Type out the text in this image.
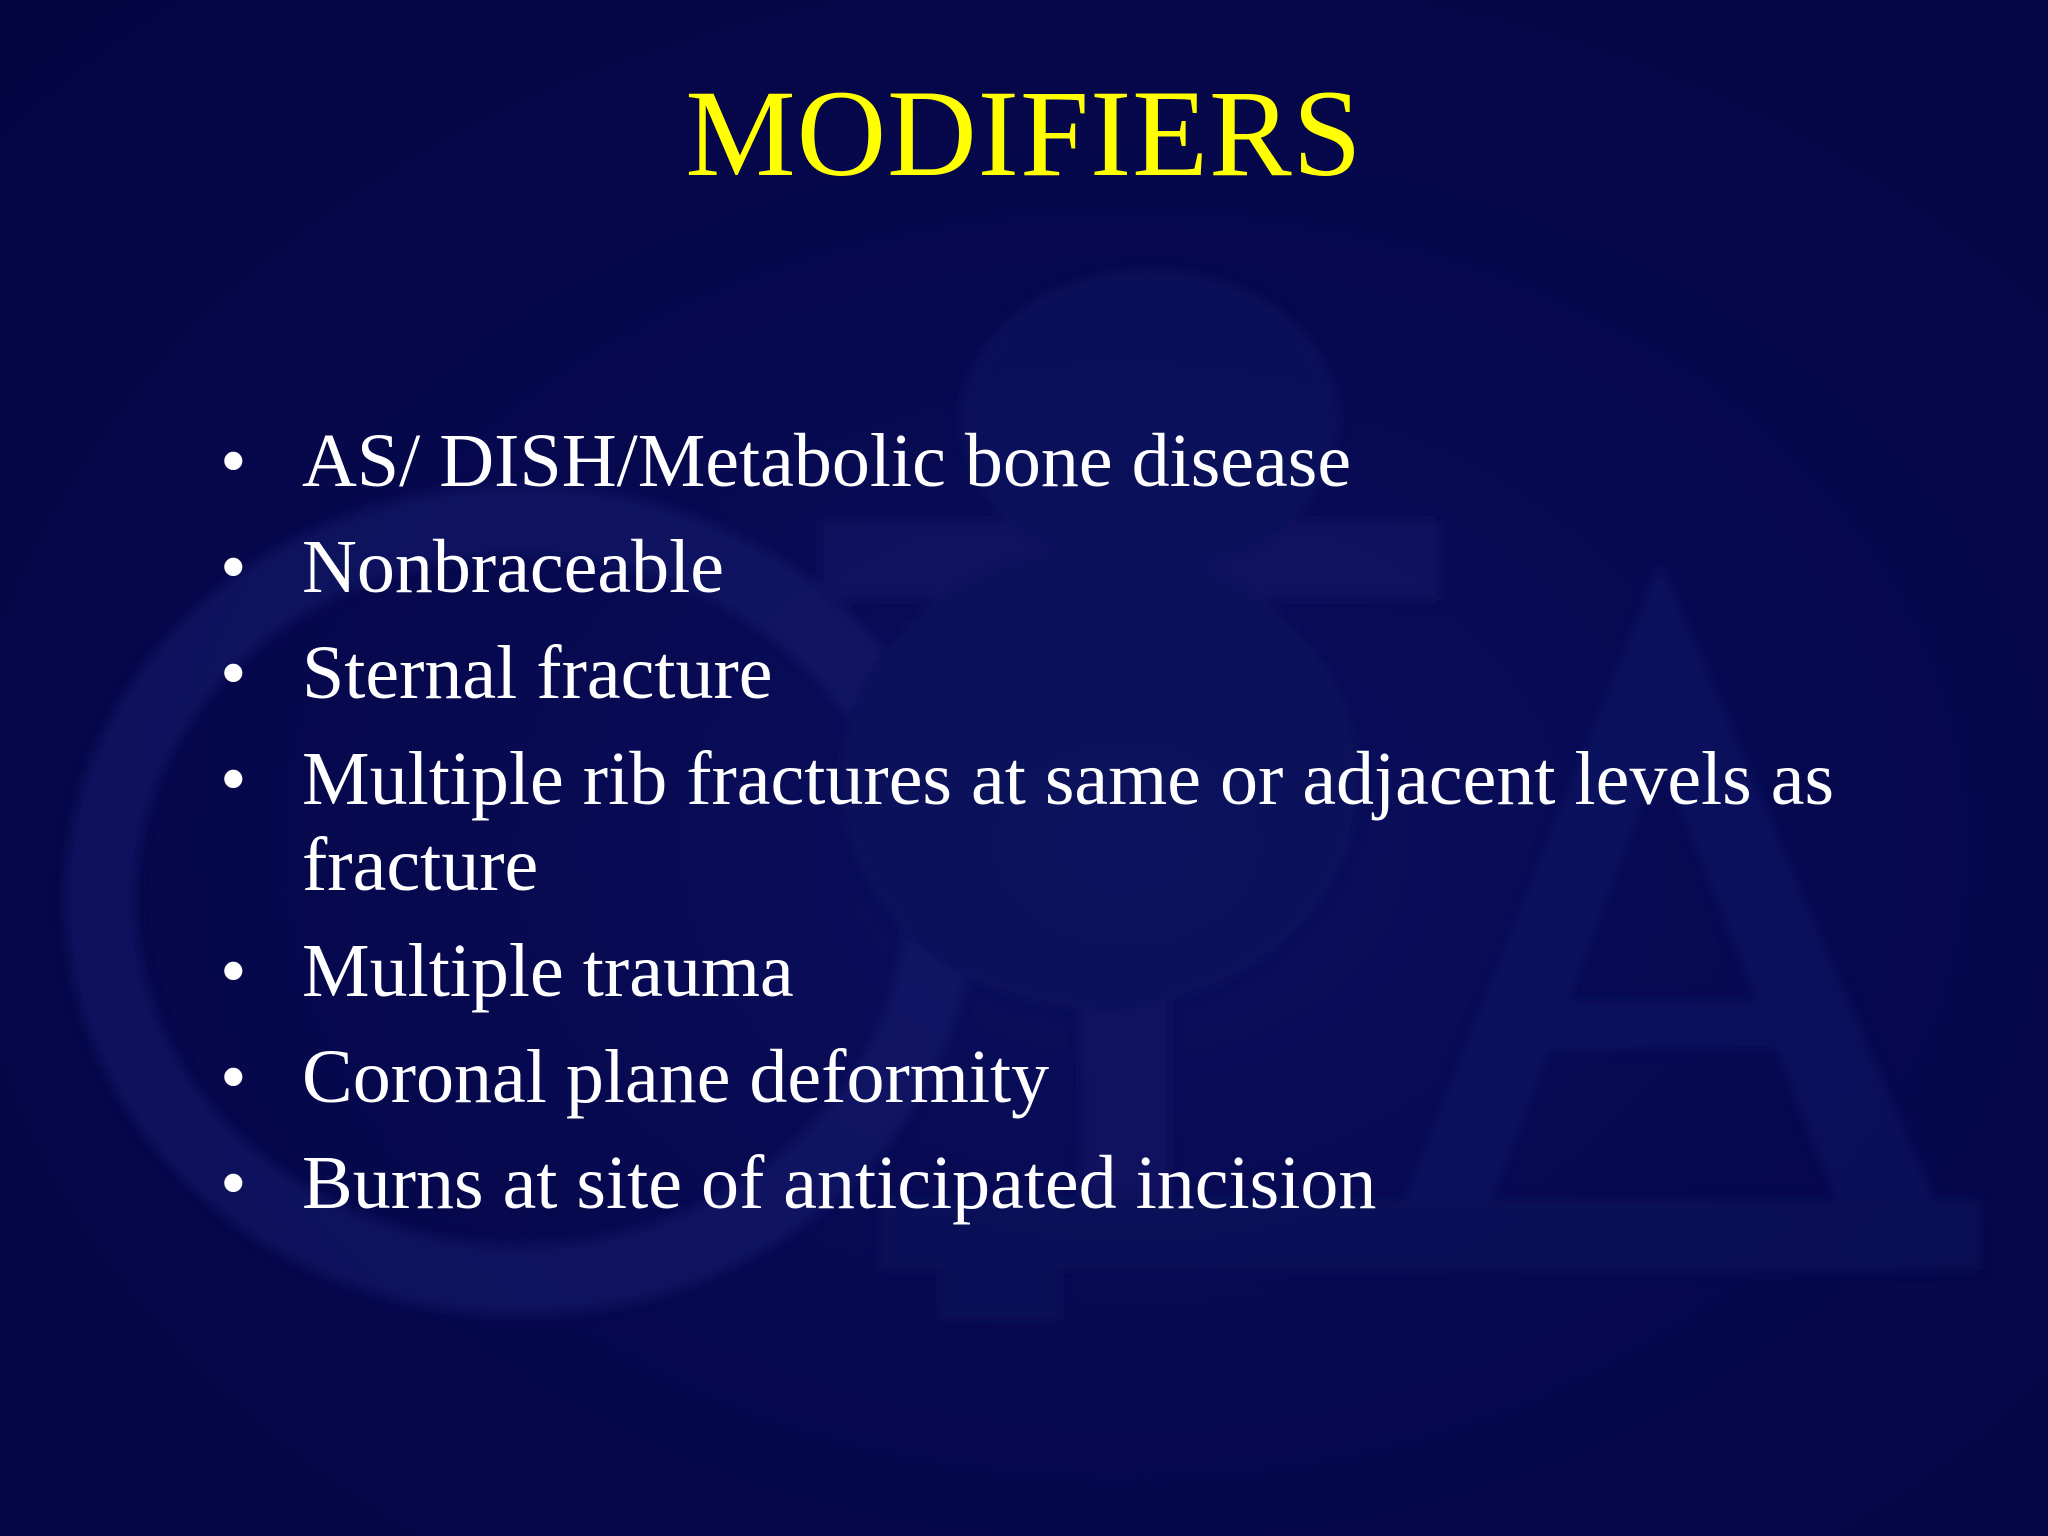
MODIFIERS
• AS/ DISH/Metabolic bone disease
• Nonbraceable
• Sternal fracture
• Multiple rib fractures at same or adjacent levels as fracture
• Multiple trauma
• Coronal plane deformity
• Burns at site of anticipated incision
